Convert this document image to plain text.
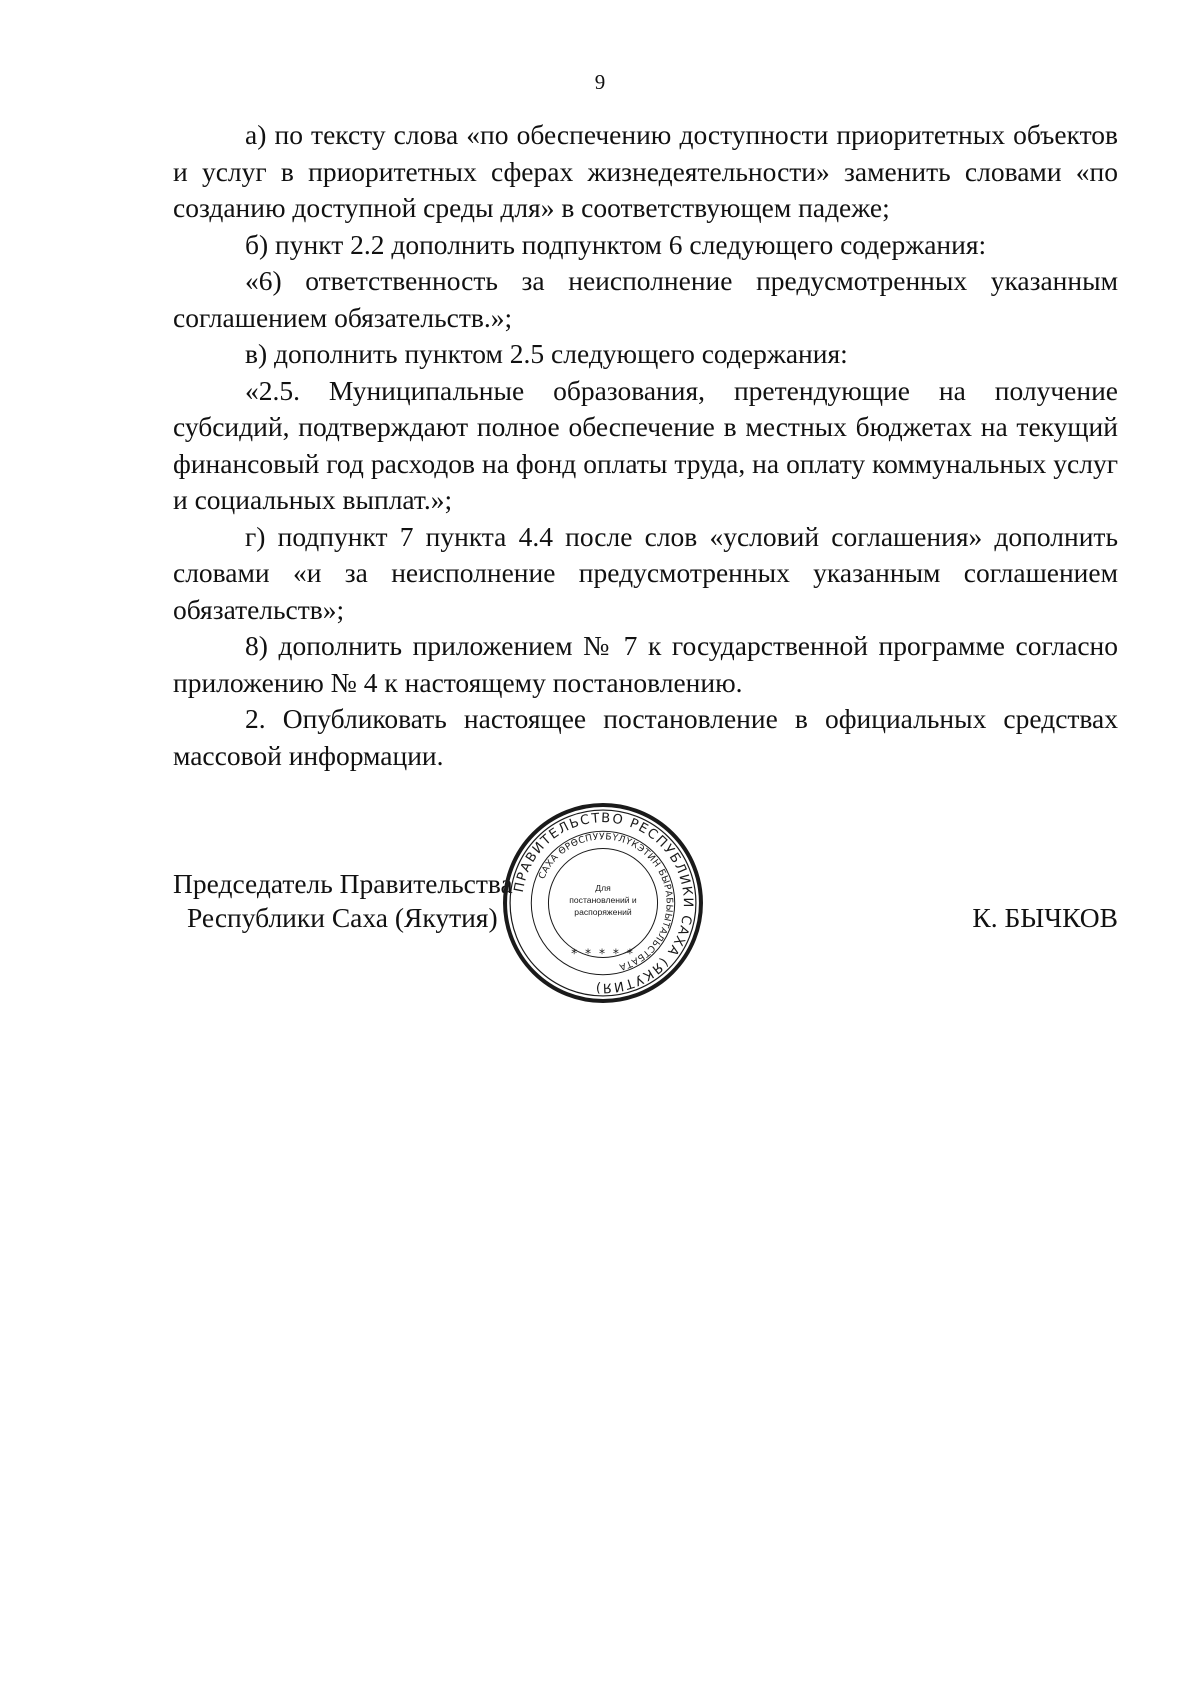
9

а) по тексту слова «по обеспечению доступности приоритетных объектов и услуг в приоритетных сферах жизнедеятельности» заменить словами «по созданию доступной среды для» в соответствующем падеже;

б) пункт 2.2 дополнить подпунктом 6 следующего содержания:

«6) ответственность за неисполнение предусмотренных указанным соглашением обязательств.»;

в) дополнить пунктом 2.5 следующего содержания:

«2.5. Муниципальные образования, претендующие на получение субсидий, подтверждают полное обеспечение в местных бюджетах на текущий финансовый год расходов на фонд оплаты труда, на оплату коммунальных услуг и социальных выплат.»;

г) подпункт 7 пункта 4.4 после слов «условий соглашения» дополнить словами «и за неисполнение предусмотренных указанным соглашением обязательств»;

8) дополнить приложением № 7 к государственной программе согласно приложению № 4 к настоящему постановлению.

2. Опубликовать настоящее постановление в официальных средствах массовой информации.

Председатель Правительства
Республики Саха (Якутия)	К. БЫЧКОВ
ПРАВИТЕЛЬСТВО РЕСПУБЛИКИ САХА (ЯКУТИЯ)
САХА ӨРӨСПУУБҮЛҮКЭТИН БЫРАБЫЫТАЛЬСТБАТА
* * * * *
Для
постановлений и
распоряжений
